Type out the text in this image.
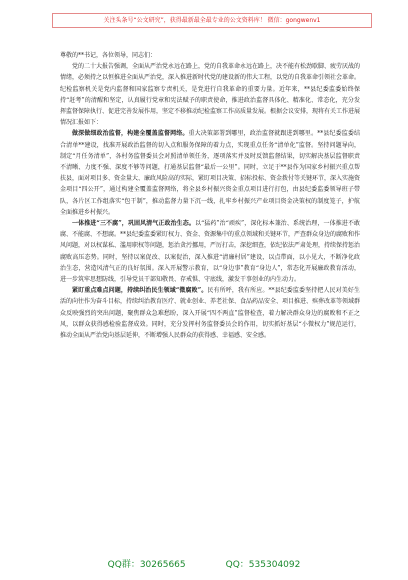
关注头条号“公文研究”，获得最新最全最专业的公文资料库！ 微信：gongwenv1

尊敬的**书记，各位领导，同志们：

党的二十大报告强调，全面从严治党永远在路上，党的自我革命永远在路上，决不能有松劲歇脚、疲劳厌战的情绪，必须持之以恒推进全面从严治党，深入推进新时代党的建设新的伟大工程，以党的自我革命引领社会革命。纪检监察机关是党内监督和国家监察专责机关，是党进行自我革命的重要力量。近年来，**县纪委监委始终保持“赶考”的清醒和坚定，认真履行党章和宪法赋予的职责使命，推进政治监督具体化、精准化、常态化，充分发挥监督保障执行、促进完善发展作用，坚定不移推动纪检监察工作高质量发展。根据会议安排，现将有关工作进展情况汇报如下：

做深做细政治监督，构建全覆盖监督网络。重大决策部署到哪里，政治监督就跟进到哪里。**县纪委监委结合清单**建设，找准开展政治监督的切入点和服务保障的着力点，实现重点任务“清单化”监督。坚持问题导向，制定“月任务清单”，各村务监督委员会对照清单领任务，逐项落实并及时反馈监督结果，切实解决基层监督职责不清晰、力度不强、深度不够等问题，打通基层监督“最后一公里”。同时，立足于**县作为国家乡村振兴重点帮扶县，面对项目多、资金量大、廉政风险高的实际，紧盯项目决策、招标投标、资金拨付等关键环节，深入实施资金项目“四公开”，通过构建全覆盖监督网络，将全县乡村振兴资金重点项目进行打包，由县纪委监委领导班子带队，各片区工作组落实“包干制”，推动监督力量下沉一线，扎牢乡村振兴产业项目资金决策权的制度笼子，护航全面推进乡村振兴。

一体推进“三不腐”，巩固风清气正政治生态。以“猛药”治“顽疾”，深化标本兼治、系统治理，一体推进不敢腐、不能腐、不想腐。**县纪委监委紧盯权力、资金、资源集中的重点领域和关键环节，严查群众身边的腐败和作风问题，对以权谋私、滥用职权等问题，惩治贪污挪用，严厉打击，深挖细查，依纪依法严肃处理，持续保持惩治腐败高压态势。同时，坚持以案促改、以案促治，深入推进“清廉村居”建设，以点带面，以小见大，不断净化政治生态，营造风清气正的良好氛围。深入开展警示教育，以“身边事”教育“身边人”，常态化开展廉政教育活动，进一步筑牢思想防线，引导党员干部知敬畏、存戒惧、守底线，激发干事创业的内生动力。

紧盯重点难点问题，持续纠治民生领域“微腐败”。民有所呼，我有所应。**县纪委监委坚持把人民对美好生活的向往作为奋斗目标，持续纠治教育医疗、就业创业、养老社保、食品药品安全、项目推进、殡葬改革等领域群众反映强烈的突出问题，聚焦群众急难愁盼，深入开展“四不两直”监督检查，着力解决群众身边的腐败和不正之风，以群众获得感检验监督成效。同时，充分发挥村务监督委员会的作用，切实抓好基层“小微权力”规范运行，推动全面从严治党向基层延伸，不断增强人民群众的获得感、幸福感、安全感。

QQ群：30265665	QQ：535304092
